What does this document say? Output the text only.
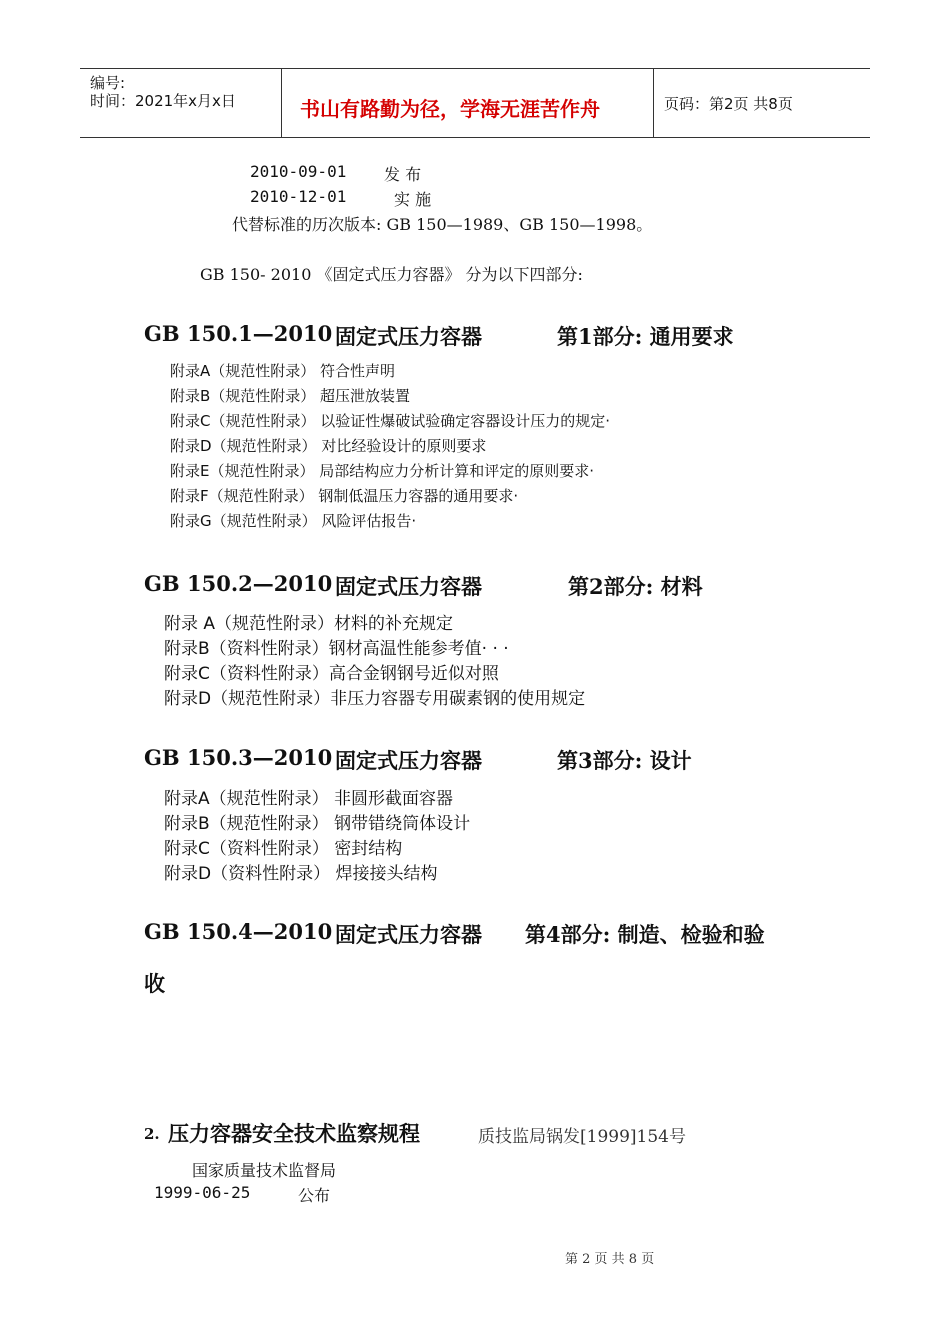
编号:
时间：2021年x月x日	书山有路勤为径，学海无涯苦作舟	页码：第2页 共8页
2010-09-01 发 布
2010-12-01	实 施
代替标准的历次版本: GB 150—1989、GB 150—1998。
GB 150- 2010 《固定式压力容器》 分为以下四部分:
GB 150.1—2010 固定式压力容器	第1部分: 通用要求
附录A（规范性附录） 符合性声明
附录B（规范性附录） 超压泄放装置
附录C（规范性附录） 以验证性爆破试验确定容器设计压力的规定·
附录D（规范性附录） 对比经验设计的原则要求
附录E（规范性附录） 局部结构应力分析计算和评定的原则要求·
附录F（规范性附录） 钢制低温压力容器的通用要求·
附录G（规范性附录） 风险评估报告·
GB 150.2—2010 固定式压力容器	第2部分: 材料
附录 A（规范性附录）材料的补充规定
附录B（资料性附录）钢材高温性能参考值· · ·
附录C（资料性附录）高合金钢钢号近似对照
附录D（规范性附录）非压力容器专用碳素钢的使用规定
GB 150.3—2010 固定式压力容器	第3部分: 设计
附录A（规范性附录） 非圆形截面容器
附录B（规范性附录） 钢带错绕筒体设计
附录C（资料性附录） 密封结构
附录D（资料性附录） 焊接接头结构
GB 150.4—2010 固定式压力容器 第4部分: 制造、检验和验
收
2. 压力容器安全技术监察规程	质技监局锅发[1999]154号
国家质量技术监督局
1999-06-25	公布
第 2 页 共 8 页
